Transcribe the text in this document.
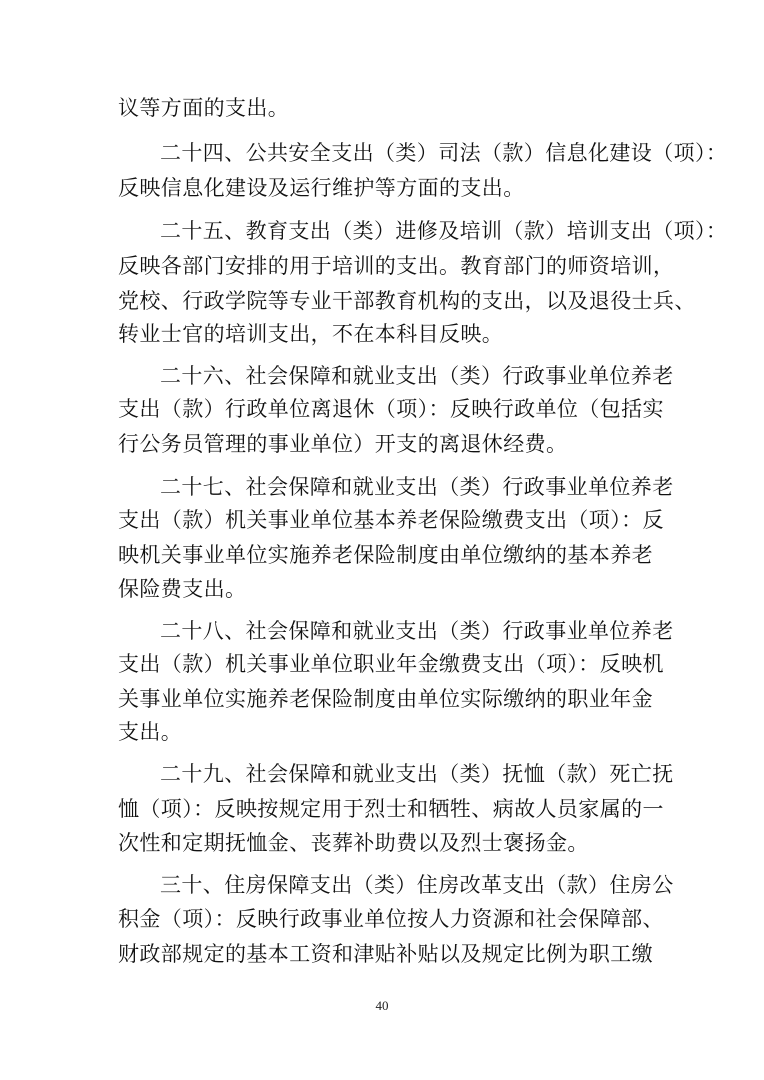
议等方面的支出。
二十四、公共安全支出（类）司法（款）信息化建设（项）：
反映信息化建设及运行维护等方面的支出。
二十五、教育支出（类）进修及培训（款）培训支出（项）：
反映各部门安排的用于培训的支出。教育部门的师资培训，
党校、行政学院等专业干部教育机构的支出，以及退役士兵、
转业士官的培训支出，不在本科目反映。
二十六、社会保障和就业支出（类）行政事业单位养老
支出（款）行政单位离退休（项）：反映行政单位（包括实
行公务员管理的事业单位）开支的离退休经费。
二十七、社会保障和就业支出（类）行政事业单位养老
支出（款）机关事业单位基本养老保险缴费支出（项）：反
映机关事业单位实施养老保险制度由单位缴纳的基本养老
保险费支出。
二十八、社会保障和就业支出（类）行政事业单位养老
支出（款）机关事业单位职业年金缴费支出（项）：反映机
关事业单位实施养老保险制度由单位实际缴纳的职业年金
支出。
二十九、社会保障和就业支出（类）抚恤（款）死亡抚
恤（项）：反映按规定用于烈士和牺牲、病故人员家属的一
次性和定期抚恤金、丧葬补助费以及烈士褒扬金。
三十、住房保障支出（类）住房改革支出（款）住房公
积金（项）：反映行政事业单位按人力资源和社会保障部、
财政部规定的基本工资和津贴补贴以及规定比例为职工缴
40
